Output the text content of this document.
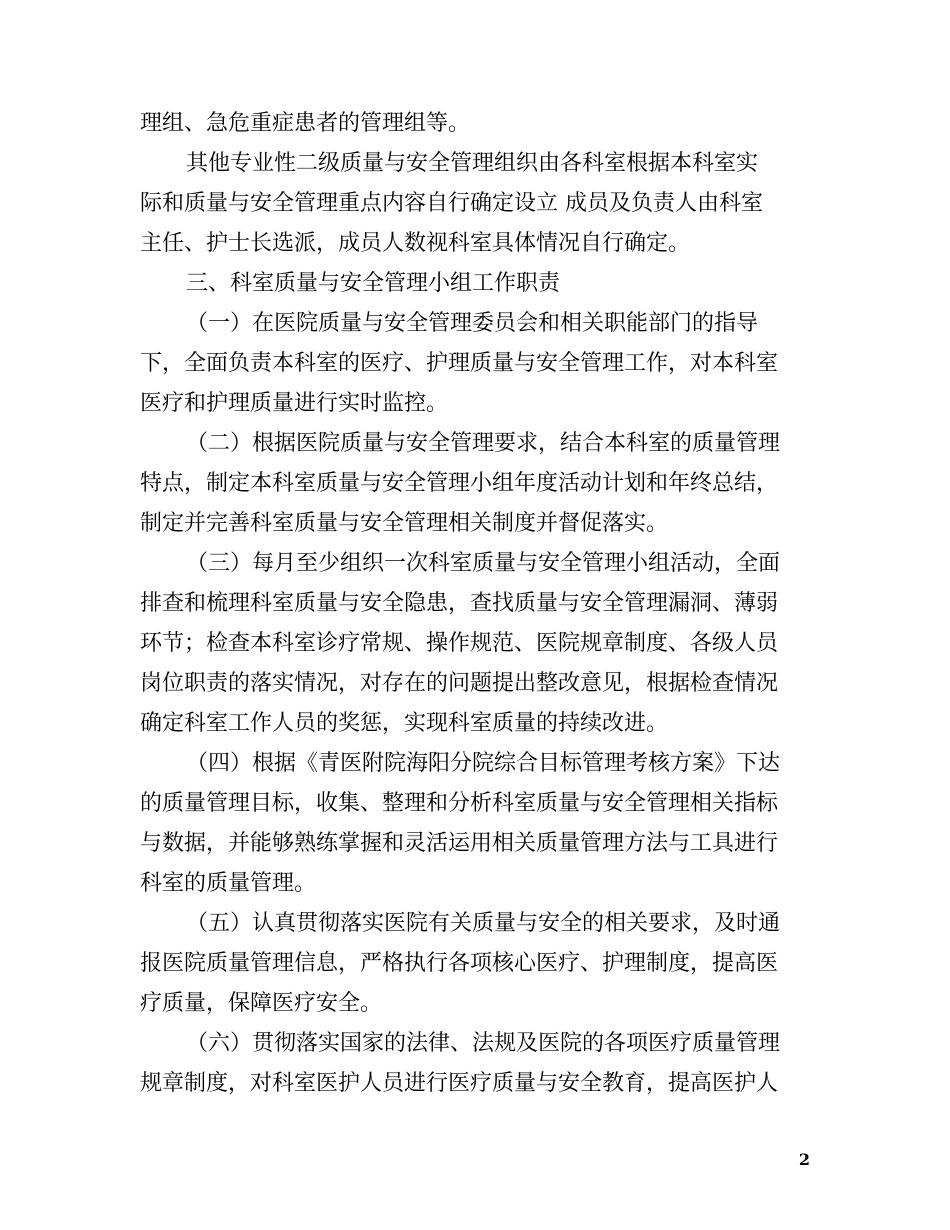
理组、急危重症患者的管理组等。
其他专业性二级质量与安全管理组织由各科室根据本科室实
际和质量与安全管理重点内容自行确定设立 成员及负责人由科室
主任、护士长选派，成员人数视科室具体情况自行确定。
三、科室质量与安全管理小组工作职责
（一）在医院质量与安全管理委员会和相关职能部门的指导
下，全面负责本科室的医疗、护理质量与安全管理工作，对本科室
医疗和护理质量进行实时监控。
（二）根据医院质量与安全管理要求，结合本科室的质量管理
特点，制定本科室质量与安全管理小组年度活动计划和年终总结，
制定并完善科室质量与安全管理相关制度并督促落实。
（三）每月至少组织一次科室质量与安全管理小组活动，全面
排查和梳理科室质量与安全隐患，查找质量与安全管理漏洞、薄弱
环节；检查本科室诊疗常规、操作规范、医院规章制度、各级人员
岗位职责的落实情况，对存在的问题提出整改意见，根据检查情况
确定科室工作人员的奖惩，实现科室质量的持续改进。
（四）根据《青医附院海阳分院综合目标管理考核方案》下达
的质量管理目标，收集、整理和分析科室质量与安全管理相关指标
与数据，并能够熟练掌握和灵活运用相关质量管理方法与工具进行
科室的质量管理。
（五）认真贯彻落实医院有关质量与安全的相关要求，及时通
报医院质量管理信息，严格执行各项核心医疗、护理制度，提高医
疗质量，保障医疗安全。
（六）贯彻落实国家的法律、法规及医院的各项医疗质量管理
规章制度，对科室医护人员进行医疗质量与安全教育，提高医护人
2
